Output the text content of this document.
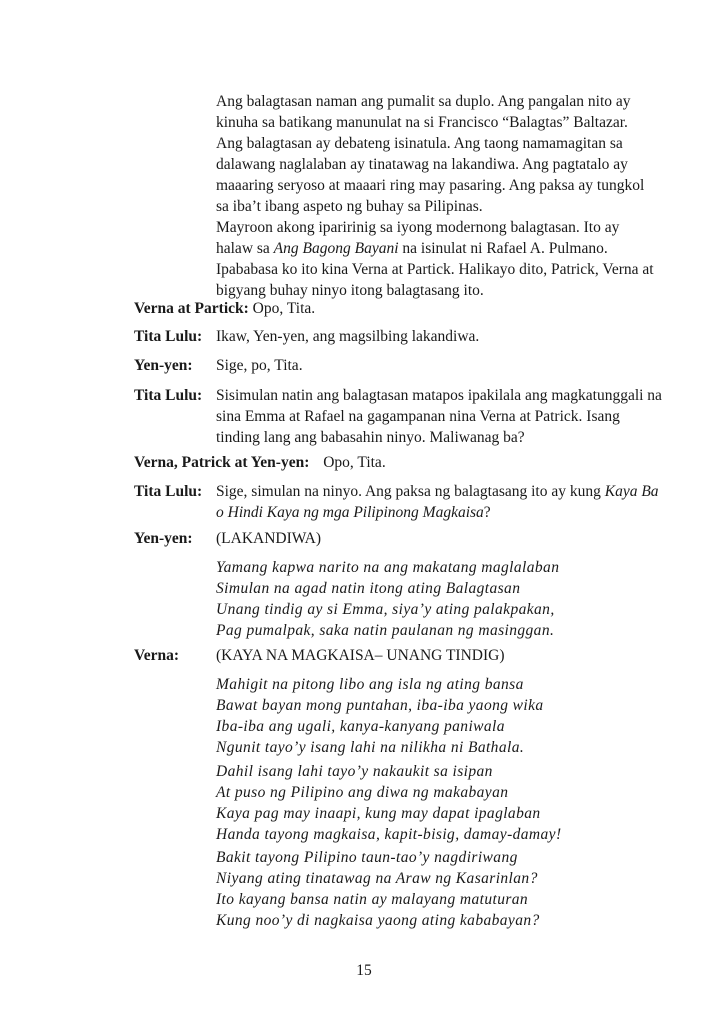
Ang balagtasan naman ang pumalit sa duplo. Ang pangalan nito ay kinuha sa batikang manunulat na si Francisco “Balagtas” Baltazar. Ang balagtasan ay debateng isinatula. Ang taong namamagitan sa dalawang naglalaban ay tinatawag na lakandiwa. Ang pagtatalo ay maaaring seryoso at maaari ring may pasaring. Ang paksa ay tungkol sa iba’t ibang aspeto ng buhay sa Pilipinas.

Mayroon akong iparirinig sa iyong modernong balagtasan. Ito ay halaw sa Ang Bagong Bayani na isinulat ni Rafael A. Pulmano. Ipababasa ko ito kina Verna at Partick. Halikayo dito, Patrick, Verna at bigyang buhay ninyo itong balagtasang ito.

Verna at Partick: Opo, Tita.
Tita Lulu: Ikaw, Yen-yen, ang magsilbing lakandiwa.
Yen-yen: Sige, po, Tita.
Tita Lulu: Sisimulan natin ang balagtasan matapos ipakilala ang magkatunggali na sina Emma at Rafael na gagampanan nina Verna at Patrick. Isang tinding lang ang babasahin ninyo. Maliwanag ba?
Verna, Patrick at Yen-yen: Opo, Tita.
Tita Lulu: Sige, simulan na ninyo. Ang paksa ng balagtasang ito ay kung Kaya Ba o Hindi Kaya ng mga Pilipinong Magkaisa?
Yen-yen: (LAKANDIWA)
Yamang kapwa narito na ang makatang maglalaban
Simulan na agad natin itong ating Balagtasan
Unang tindig ay si Emma, siya’y ating palakpakan,
Pag pumalpak, saka natin paulanan ng masinggan.
Verna: (KAYA NA MAGKAISA– UNANG TINDIG)
Mahigit na pitong libo ang isla ng ating bansa
Bawat bayan mong puntahan, iba-iba yaong wika
Iba-iba ang ugali, kanya-kanyang paniwala
Ngunit tayo’y isang lahi na nilikha ni Bathala.
Dahil isang lahi tayo’y nakaukit sa isipan
At puso ng Pilipino ang diwa ng makabayan
Kaya pag may inaapi, kung may dapat ipaglaban
Handa tayong magkaisa, kapit-bisig, damay-damay!
Bakit tayong Pilipino taun-tao’y nagdiriwang
Niyang ating tinatawag na Araw ng Kasarinlan?
Ito kayang bansa natin ay malayang matuturan
Kung noo’y di nagkaisa yaong ating kababayan?
15
